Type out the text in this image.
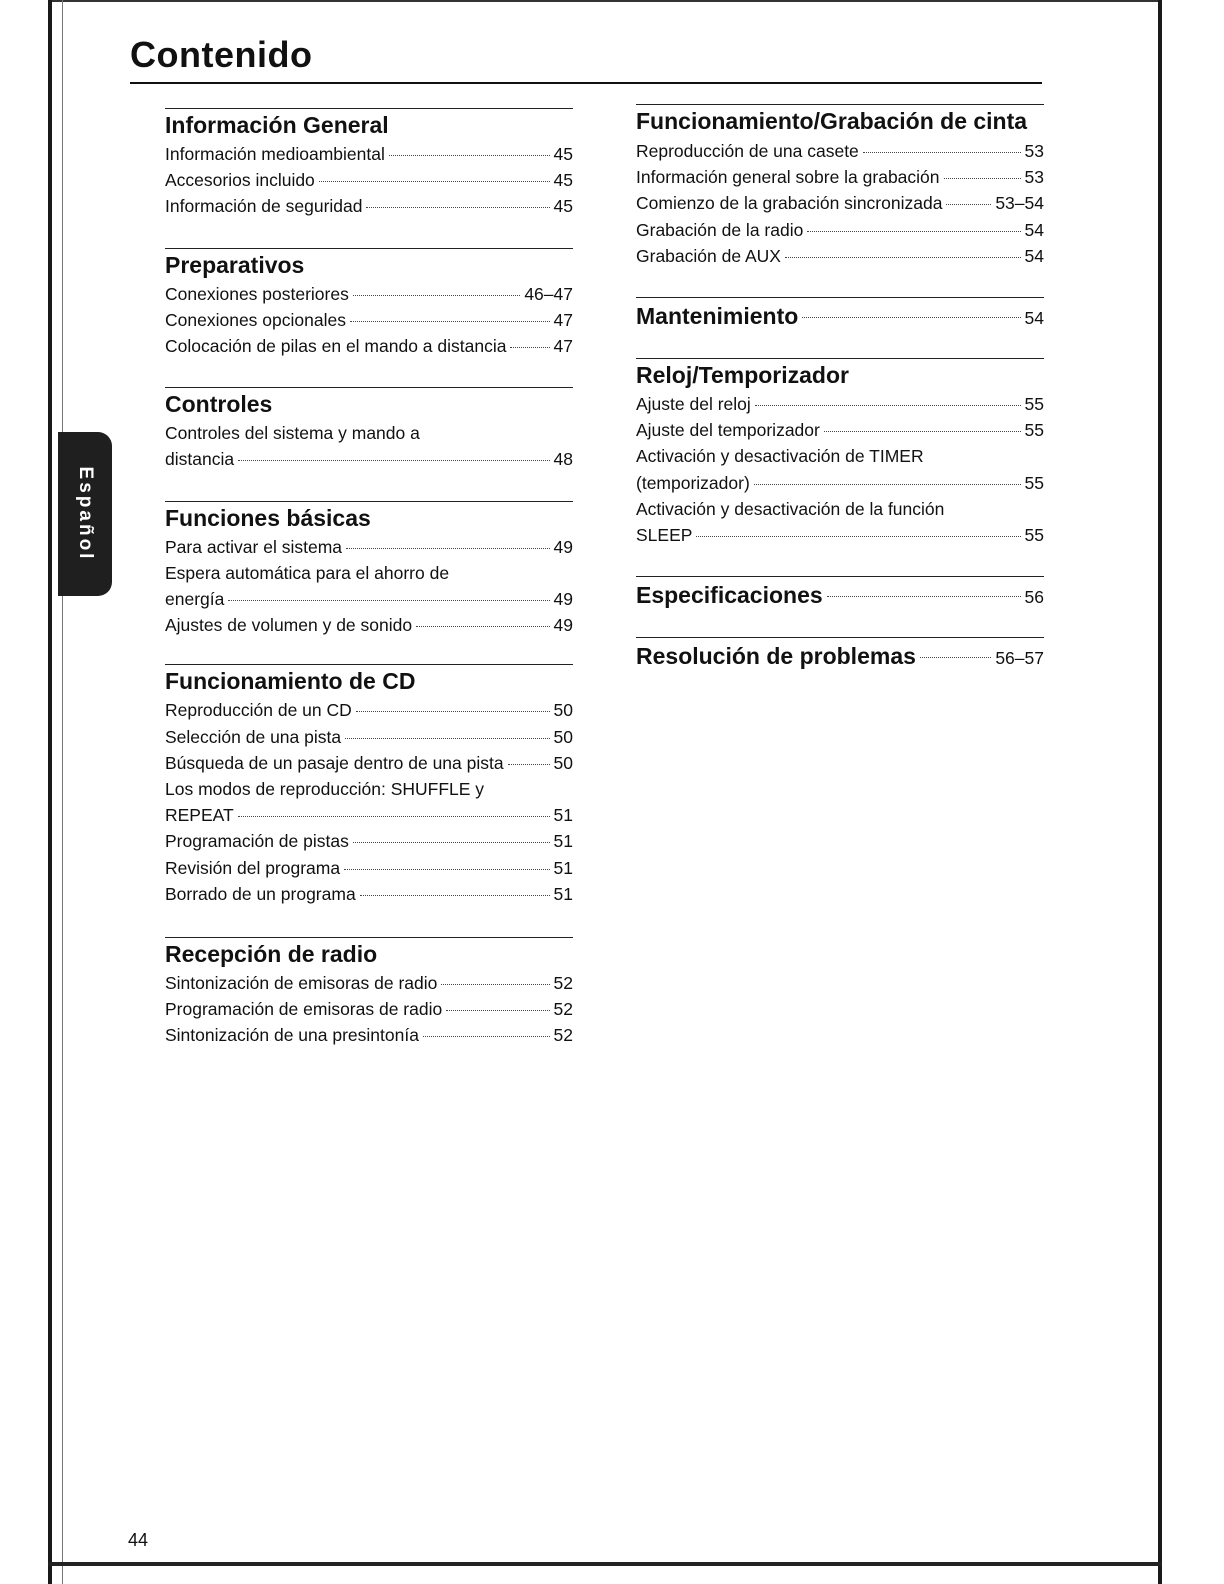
Español
Contenido
Información General
Información medioambiental	45
Accesorios incluido	45
Información de seguridad	45
Preparativos
Conexiones posteriores	46–47
Conexiones opcionales	47
Colocación de pilas en el mando a distancia	47
Controles
Controles del sistema y mando a
distancia	48
Funciones básicas
Para activar el sistema	49
Espera automática para el ahorro de
energía	49
Ajustes de volumen y de sonido	49
Funcionamiento de CD
Reproducción de un CD	50
Selección de una pista	50
Búsqueda de un pasaje dentro de una pista	50
Los modos de reproducción: SHUFFLE y
REPEAT	51
Programación de pistas	51
Revisión del programa	51
Borrado de un programa	51
Recepción de radio
Sintonización de emisoras de radio	52
Programación de emisoras de radio	52
Sintonización de una presintonía	52
Funcionamiento/Grabación de cinta
Reproducción de una casete	53
Información general sobre la grabación	53
Comienzo de la grabación sincronizada	53–54
Grabación de la radio	54
Grabación de AUX	54
Mantenimiento	54
Reloj/Temporizador
Ajuste del reloj	55
Ajuste del temporizador	55
Activación y desactivación de TIMER
(temporizador)	55
Activación y desactivación de la función
SLEEP	55
Especificaciones	56
Resolución de problemas	56–57
44
